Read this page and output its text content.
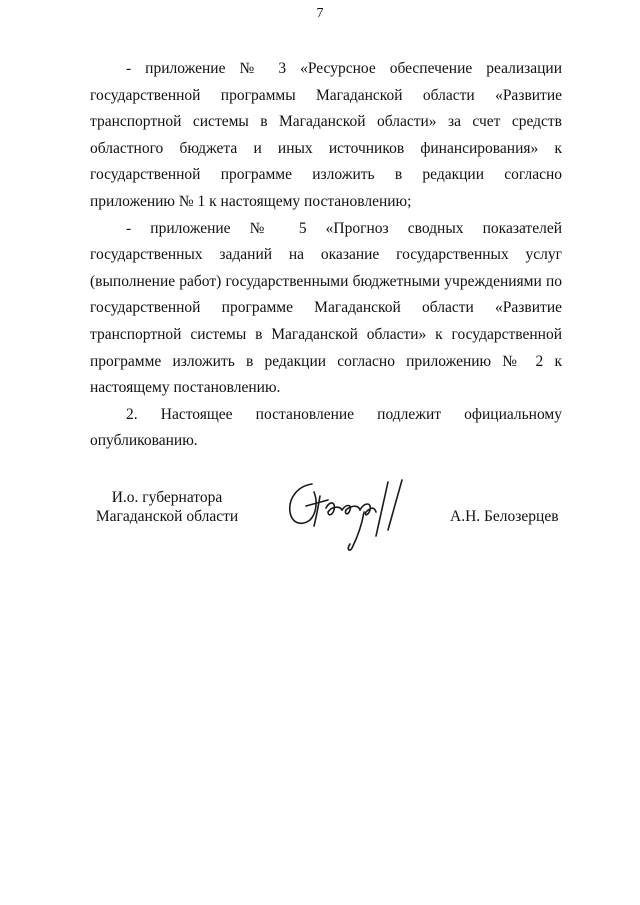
7

- приложение № 3 «Ресурсное обеспечение реализации государственной программы Магаданской области «Развитие транспортной системы в Магаданской области» за счет средств областного бюджета и иных источников финансирования» к государственной программе изложить в редакции согласно приложению № 1 к настоящему постановлению;

- приложение № 5 «Прогноз сводных показателей государственных заданий на оказание государственных услуг (выполнение работ) государственными бюджетными учреждениями по государственной программе Магаданской области «Развитие транспортной системы в Магаданской области» к государственной программе изложить в редакции согласно приложению № 2 к настоящему постановлению.

2. Настоящее постановление подлежит официальному опубликованию.

И.о. губернатора
Магаданской области	А.Н. Белозерцев
